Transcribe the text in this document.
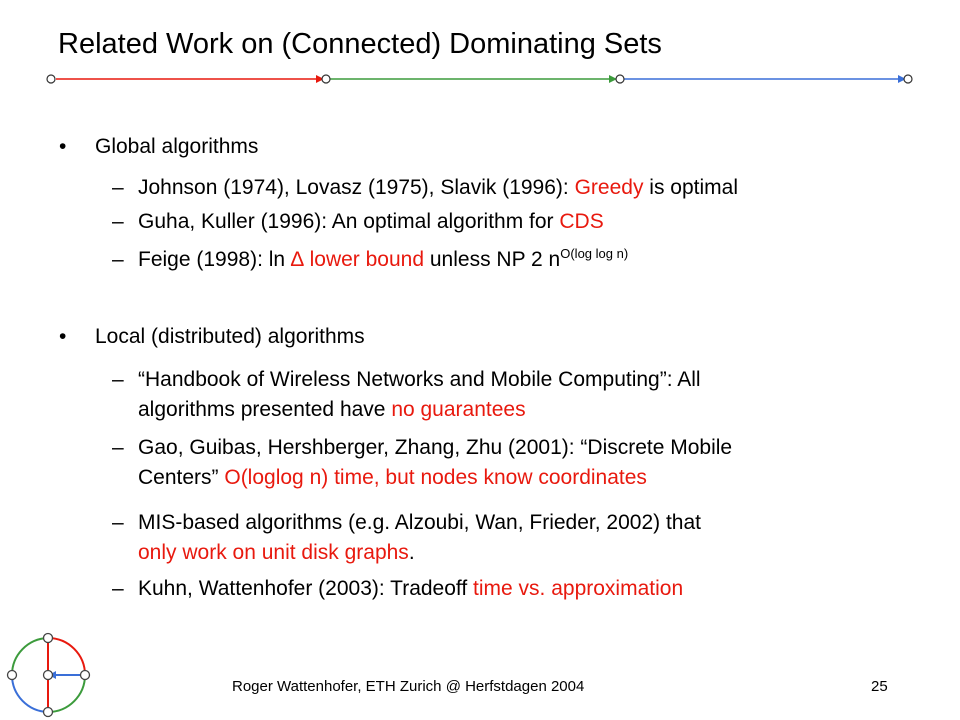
Related Work on (Connected) Dominating Sets
• Global algorithms
– Johnson (1974), Lovasz (1975), Slavik (1996): Greedy is optimal
– Guha, Kuller (1996): An optimal algorithm for CDS
– Feige (1998): ln ∆ lower bound unless NP 2 $n^{O(log log n)}$
• Local (distributed) algorithms
– “Handbook of Wireless Networks and Mobile Computing”: All
algorithms presented have no guarantees
– Gao, Guibas, Hershberger, Zhang, Zhu (2001): “Discrete Mobile
Centers” O(loglog n) time, but nodes know coordinates
– MIS-based algorithms (e.g. Alzoubi, Wan, Frieder, 2002) that
only work on unit disk graphs.
– Kuhn, Wattenhofer (2003): Tradeoff time vs. approximation
Roger Wattenhofer, ETH Zurich @ Herfstdagen 2004	25
